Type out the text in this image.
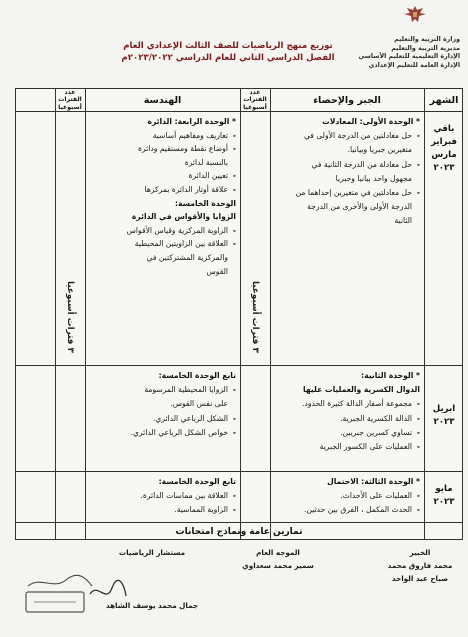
وزارة التربية والتعليم
مديرية التربية والتعليم
الإدارة التعليمية للتعليم الأساسي
الإدارة العامة للتعليم الإعدادي
توزيع منهج الرياضيات للصف الثالث الإعدادي العام
الفصل الدراسي الثاني للعام الدراسي ٢٠٢٣/٢٠٢٢م
الشهر
الجبر والإحصاء
عدد الفترات أسبوعيا
الهندسة
عدد الفترات أسبوعيا
باقي
فبراير
مارس
٢٠٢٣
* الوحدة الأولى: المعادلات
- حل معادلتين من الدرجة الأولى في
متغيرين جبريا وبيانيا.
- حل معادلة من الدرجة الثانية في
مجهول واحد بيانيا وجبريا
- حل معادلتين في متغيرين إحداهما من
الدرجة الأولى والأخرى من الدرجة
الثانية
* الوحدة الرابعة: الدائرة
- تعاريف ومفاهيم أساسية
- أوضاع نقطة ومستقيم ودائرة
بالنسبة لدائرة
- تعيين الدائرة
- علاقة أوتار الدائرة بمركزها
الوحدة الخامسة:
الزوايا والأقواس في الدائرة
- الزاوية المركزية وقياس الأقواس
- العلاقة بين الزاويتين المحيطية
والمركزية المشتركتين في
القوس
ابريل
٢٠٢٣
* الوحدة الثانية:
الدوال الكسرية والعمليات عليها
- مجموعة أصفار الدالة كثيرة الحدود.
- الدالة الكسرية الجبرية.
- تساوي كسرين جبريين.
- العمليات على الكسور الجبرية
تابع الوحدة الخامسة:
- الزوايا المحيطية المرسومة
على نفس القوس.
- الشكل الرباعي الدائري.
- خواص الشكل الرباعي الدائري.
مايو
٢٠٢٣
* الوحدة الثالثة: الاحتمال
- العمليات على الأحداث.
- الحدث المكمل ، الفرق بين حدثين.
تابع الوحدة الخامسة:
- العلاقة بين مماسات الدائرة.
- الزاوية المماسية.
٣ فترات أسبوعيا
٣ فترات أسبوعيا
تمارين عامة ونماذج امتحانات
الخبير
محمد فاروق محمد
صباح عبد الواحد
الموجه العام
سمير محمد سعداوي
مستشار الرياضيات
جمال محمد يوسف الشاهد
